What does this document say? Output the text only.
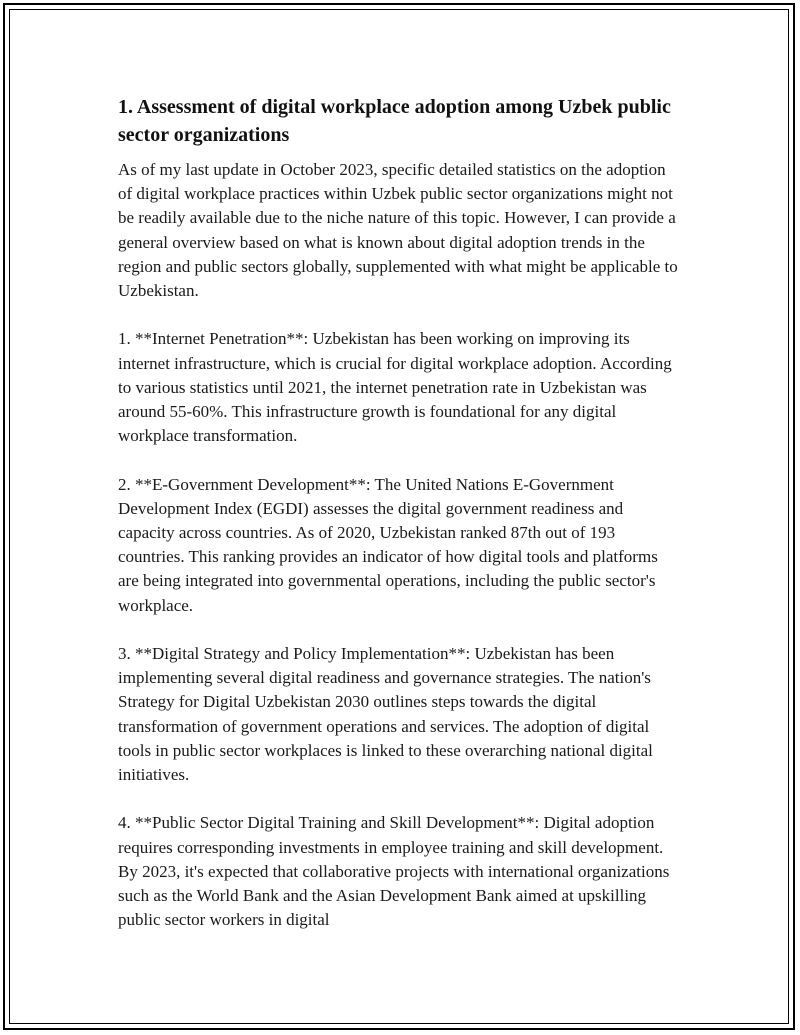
1. Assessment of digital workplace adoption among Uzbek public sector organizations

As of my last update in October 2023, specific detailed statistics on the adoption of digital workplace practices within Uzbek public sector organizations might not be readily available due to the niche nature of this topic. However, I can provide a general overview based on what is known about digital adoption trends in the region and public sectors globally, supplemented with what might be applicable to Uzbekistan.

1. **Internet Penetration**: Uzbekistan has been working on improving its internet infrastructure, which is crucial for digital workplace adoption. According to various statistics until 2021, the internet penetration rate in Uzbekistan was around 55-60%. This infrastructure growth is foundational for any digital workplace transformation.

2. **E-Government Development**: The United Nations E-Government Development Index (EGDI) assesses the digital government readiness and capacity across countries. As of 2020, Uzbekistan ranked 87th out of 193 countries. This ranking provides an indicator of how digital tools and platforms are being integrated into governmental operations, including the public sector's workplace.

3. **Digital Strategy and Policy Implementation**: Uzbekistan has been implementing several digital readiness and governance strategies. The nation's Strategy for Digital Uzbekistan 2030 outlines steps towards the digital transformation of government operations and services. The adoption of digital tools in public sector workplaces is linked to these overarching national digital initiatives.

4. **Public Sector Digital Training and Skill Development**: Digital adoption requires corresponding investments in employee training and skill development. By 2023, it's expected that collaborative projects with international organizations such as the World Bank and the Asian Development Bank aimed at upskilling public sector workers in digital
